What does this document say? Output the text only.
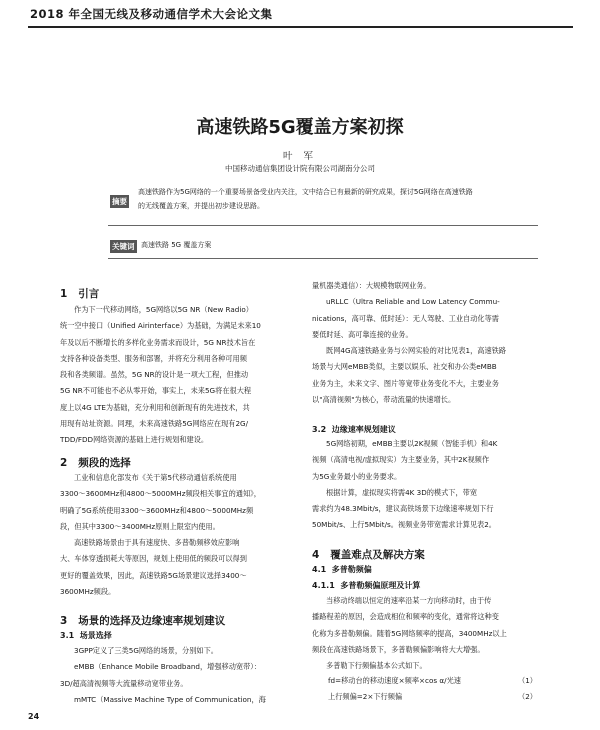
2018 年全国无线及移动通信学术大会论文集
高速铁路5G覆盖方案初探
叶 军
中国移动通信集团设计院有限公司湖南分公司
摘要
高速铁路作为5G网络的一个重要场景备受业内关注，文中结合已有最新的研究成果，探讨5G网络在高速铁路
的无线覆盖方案，并提出初步建设思路。
关键词 高速铁路 5G 覆盖方案
1 引言
作为下一代移动网络，5G网络以5G NR（New Radio）
统一空中接口（Unified Airinterface）为基础，为满足未来10
年及以后不断增长的多样化业务需求而设计，5G NR技术旨在
支持各种设备类型、服务和部署，并将充分利用各种可用频
段和各类频谱。虽然，5G NR的设计是一项大工程，但推动
5G NR不可能也不必从零开始，事实上，未来5G将在很大程
度上以4G LTE为基础，充分利用和创新现有的先进技术，共
用现有站址资源。同理，未来高速铁路5G网络应在现有2G/
TDD/FDD网络资源的基础上进行规划和建设。
2 频段的选择
工业和信息化部发布《关于第5代移动通信系统使用
3300～3600MHz和4800～5000MHz频段相关事宜的通知》，
明确了5G系统使用3300～3600MHz和4800～5000MHz频
段，但其中3300～3400MHz原则上限室内使用。
高速铁路场景由于具有速度快、多普勒频移效应影响
大、车体穿透损耗大等原因，规划上使用低的频段可以得到
更好的覆盖效果，因此，高速铁路5G场景建议选择3400～
3600MHz频段。
3 场景的选择及边缘速率规划建议
3.1 场景选择
3GPP定义了三类5G网络的场景，分别如下。
eMBB（Enhance Mobile Broadband，增强移动宽带）：
3D/超高清视频等大流量移动宽带业务。
mMTC（Massive Machine Type of Communication，海
量机器类通信）：大规模物联网业务。
uRLLC（Ultra Reliable and Low Latency Commu-
nications，高可靠、低时延）：无人驾驶、工业自动化等需
要低时延、高可靠连接的业务。
既网4G高速铁路业务与公网实验的对比见表1，高速铁路
场景与大网eMBB类似，主要以娱乐、社交和办公类eMBB
业务为主，未来文字、图片等宽带业务变化不大，主要业务
以"高清视频"为核心，带动流量的快速增长。
3.2 边缘速率规划建议
5G网络初期，eMBB主要以2K视频（智能手机）和4K
视频（高清电视/虚拟现实）为主要业务，其中2K视频作
为5G业务最小的业务要求。
根据计算，虚拟现实将需4K 3D的模式下，带宽
需求约为48.3Mbit/s，建议高铁场景下边缘速率规划下行
50Mbit/s、上行5Mbit/s。视频业务带宽需求计算见表2。
4 覆盖难点及解决方案
4.1 多普勒频偏
4.1.1 多普勒频偏原理及计算
当移动终端以恒定的速率沿某一方向移动时，由于传
播路程差的原因，会造成相位和频率的变化，通常将这种变
化称为多普勒频偏。随着5G网络频率的提高，3400MHz以上
频段在高速铁路场景下，多普勒频偏影响将大大增强。
多普勒下行频偏基本公式如下。
fd=移动台的移动速度×频率×cos α/光速	（1）
上行频偏=2×下行频偏	（2）
24
